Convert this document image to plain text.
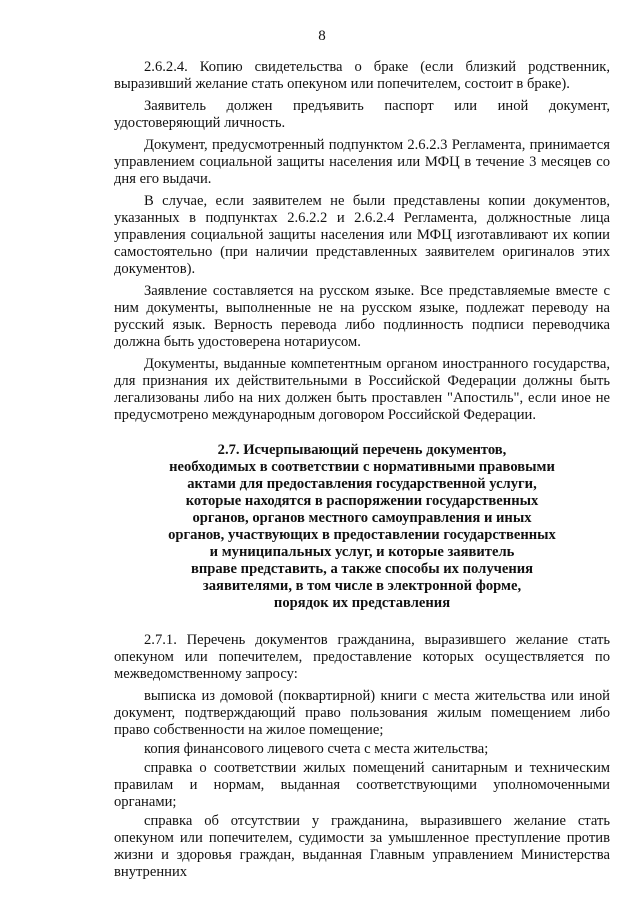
8

2.6.2.4. Копию свидетельства о браке (если близкий родственник, выразивший желание стать опекуном или попечителем, состоит в браке).

Заявитель должен предъявить паспорт или иной документ, удостоверяющий личность.

Документ, предусмотренный подпунктом 2.6.2.3 Регламента, принимается управлением социальной защиты населения или МФЦ в течение 3 месяцев со дня его выдачи.

В случае, если заявителем не были представлены копии документов, указанных в подпунктах 2.6.2.2 и 2.6.2.4 Регламента, должностные лица управления социальной защиты населения или МФЦ изготавливают их копии самостоятельно (при наличии представленных заявителем оригиналов этих документов).

Заявление составляется на русском языке. Все представляемые вместе с ним документы, выполненные не на русском языке, подлежат переводу на русский язык. Верность перевода либо подлинность подписи переводчика должна быть удостоверена нотариусом.

Документы, выданные компетентным органом иностранного государства, для признания их действительными в Российской Федерации должны быть легализованы либо на них должен быть проставлен "Апостиль", если иное не предусмотрено международным договором Российской Федерации.

2.7. Исчерпывающий перечень документов,
необходимых в соответствии с нормативными правовыми
актами для предоставления государственной услуги,
которые находятся в распоряжении государственных
органов, органов местного самоуправления и иных
органов, участвующих в предоставлении государственных
и муниципальных услуг, и которые заявитель
вправе представить, а также способы их получения
заявителями, в том числе в электронной форме,
порядок их представления

2.7.1. Перечень документов гражданина, выразившего желание стать опекуном или попечителем, предоставление которых осуществляется по межведомственному запросу:

выписка из домовой (поквартирной) книги с места жительства или иной документ, подтверждающий право пользования жилым помещением либо право собственности на жилое помещение;

копия финансового лицевого счета с места жительства;

справка о соответствии жилых помещений санитарным и техническим правилам и нормам, выданная соответствующими уполномоченными органами;

справка об отсутствии у гражданина, выразившего желание стать опекуном или попечителем, судимости за умышленное преступление против жизни и здоровья граждан, выданная Главным управлением Министерства внутренних
